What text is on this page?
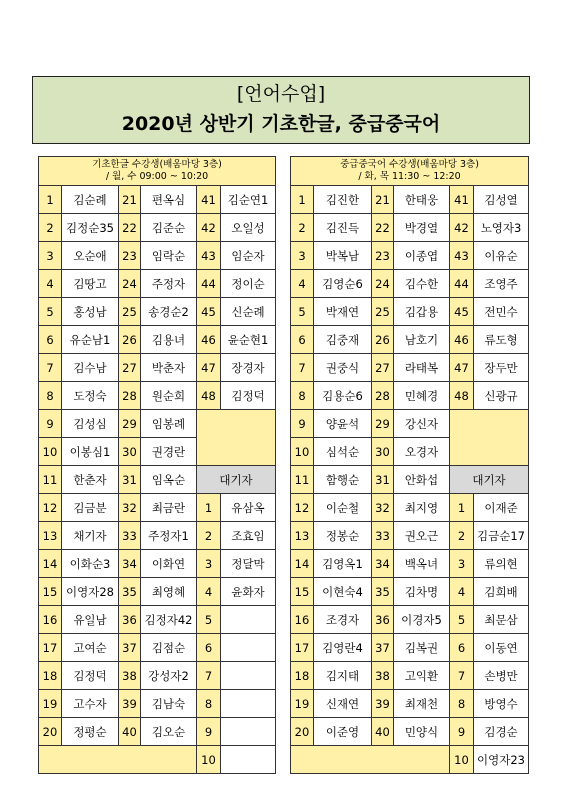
[언어수업]
2020년 상반기 기초한글, 중급중국어
기초한글 수강생(배움마당 3층)
/ 월, 수 09:00 ~ 10:20					

1	김순례	21	편옥심	41	김순연1
2	김정순35	22	김준순	42	오일성
3	오순애	23	임락순	43	임순자
4	김땅고	24	주정자	44	정이순
5	홍성남	25	송경순2	45	신순례
6	유순남1	26	김용녀	46	윤순현1
7	김수남	27	박춘자	47	장경자
8	도정숙	28	원순희	48	김정덕
9	김성심	29	임봉례		
10	이봉심1	30	권경란		
11	한춘자	31	임옥순	대기자	
12	김금분	32	최금란	1	유삼옥
13	채기자	33	주정자1	2	조효임
14	이화순3	34	이화연	3	정달막
15	이영자28	35	최영혜	4	윤화자
16	유일남	36	김정자42	5	
17	고여순	37	김점순	6	
18	김정덕	38	강성자2	7	
19	고수자	39	김남숙	8	
20	정평순	40	김오순	9	
				10	
중급중국어 수강생(배움마당 3층)
/ 화, 목 11:30 ~ 12:20					

1	김진한	21	한태웅	41	김성열
2	김진득	22	박경열	42	노영자3
3	박복남	23	이종엽	43	이유순
4	김영순6	24	김수한	44	조영주
5	박재연	25	김갑용	45	전민수
6	김중재	26	남호기	46	류도형
7	권중식	27	라태복	47	장두만
8	김용순6	28	민혜경	48	신광규
9	양윤석	29	강신자		
10	심석순	30	오경자		
11	함행순	31	안화섭	대기자	
12	이순철	32	최지영	1	이재준
13	정봉순	33	권오근	2	김금순17
14	김영옥1	34	백옥녀	3	류의현
15	이현숙4	35	김차명	4	김희배
16	조경자	36	이경자5	5	최문삼
17	김영란4	37	김복권	6	이동연
18	김지태	38	고익환	7	손병만
19	신재연	39	최재천	8	방영수
20	이준영	40	민양식	9	김경순
				10	이영자23
